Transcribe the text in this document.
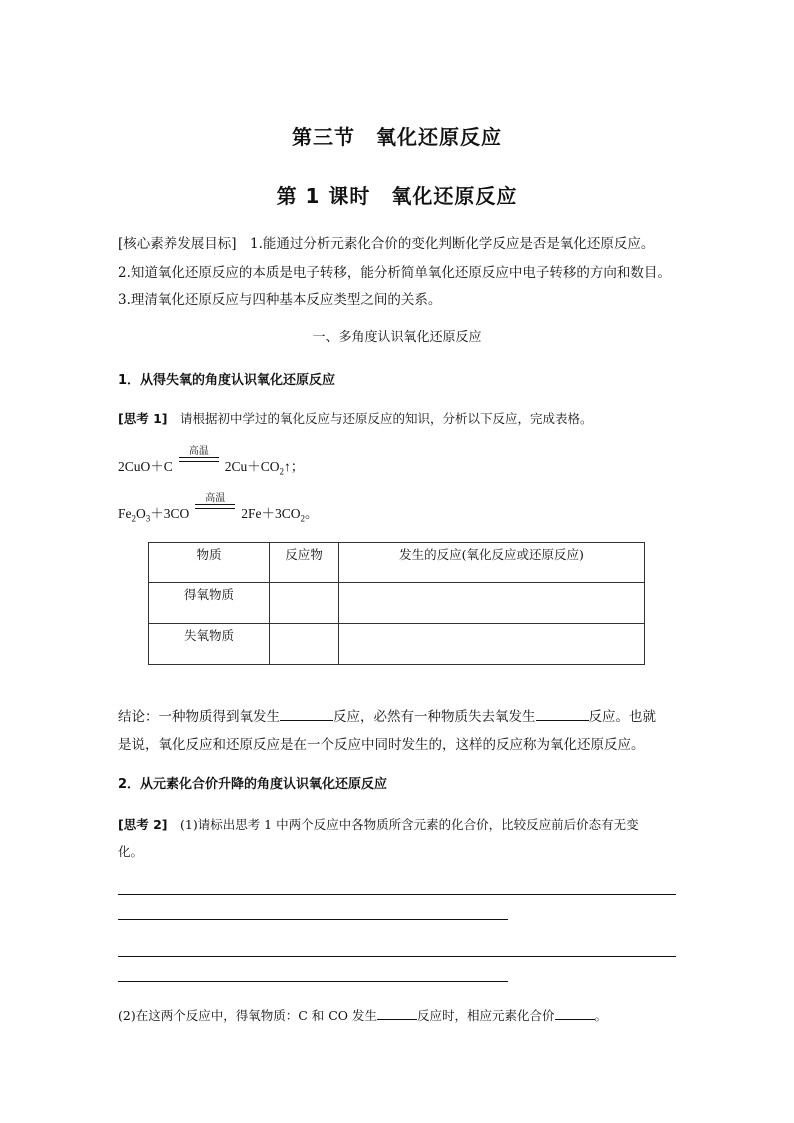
第三节　氧化还原反应
第 1 课时　氧化还原反应
[核心素养发展目标]　1.能通过分析元素化合价的变化判断化学反应是否是氧化还原反应。
2.知道氧化还原反应的本质是电子转移，能分析简单氧化还原反应中电子转移的方向和数目。
3.理清氧化还原反应与四种基本反应类型之间的关系。
一、多角度认识氧化还原反应
1．从得失氧的角度认识氧化还原反应
[思考 1]　请根据初中学过的氧化反应与还原反应的知识，分析以下反应，完成表格。
2CuO＋C
高温
$2Cu+CO_2↑$；
$Fe_2O_3+3CO$
高温
$2Fe+3CO_2$。
物质	反应物	发生的反应(氧化反应或还原反应)
得氧物质		
失氧物质		
结论：一种物质得到氧发生	反应，必然有一种物质失去氧发生	反应。也就
是说，氧化反应和还原反应是在一个反应中同时发生的，这样的反应称为氧化还原反应。
2．从元素化合价升降的角度认识氧化还原反应
[思考 2]　(1)请标出思考 1 中两个反应中各物质所含元素的化合价，比较反应前后价态有无变
化。
(2)在这两个反应中，得氧物质：C 和 CO 发生	反应时，相应元素化合价	。
